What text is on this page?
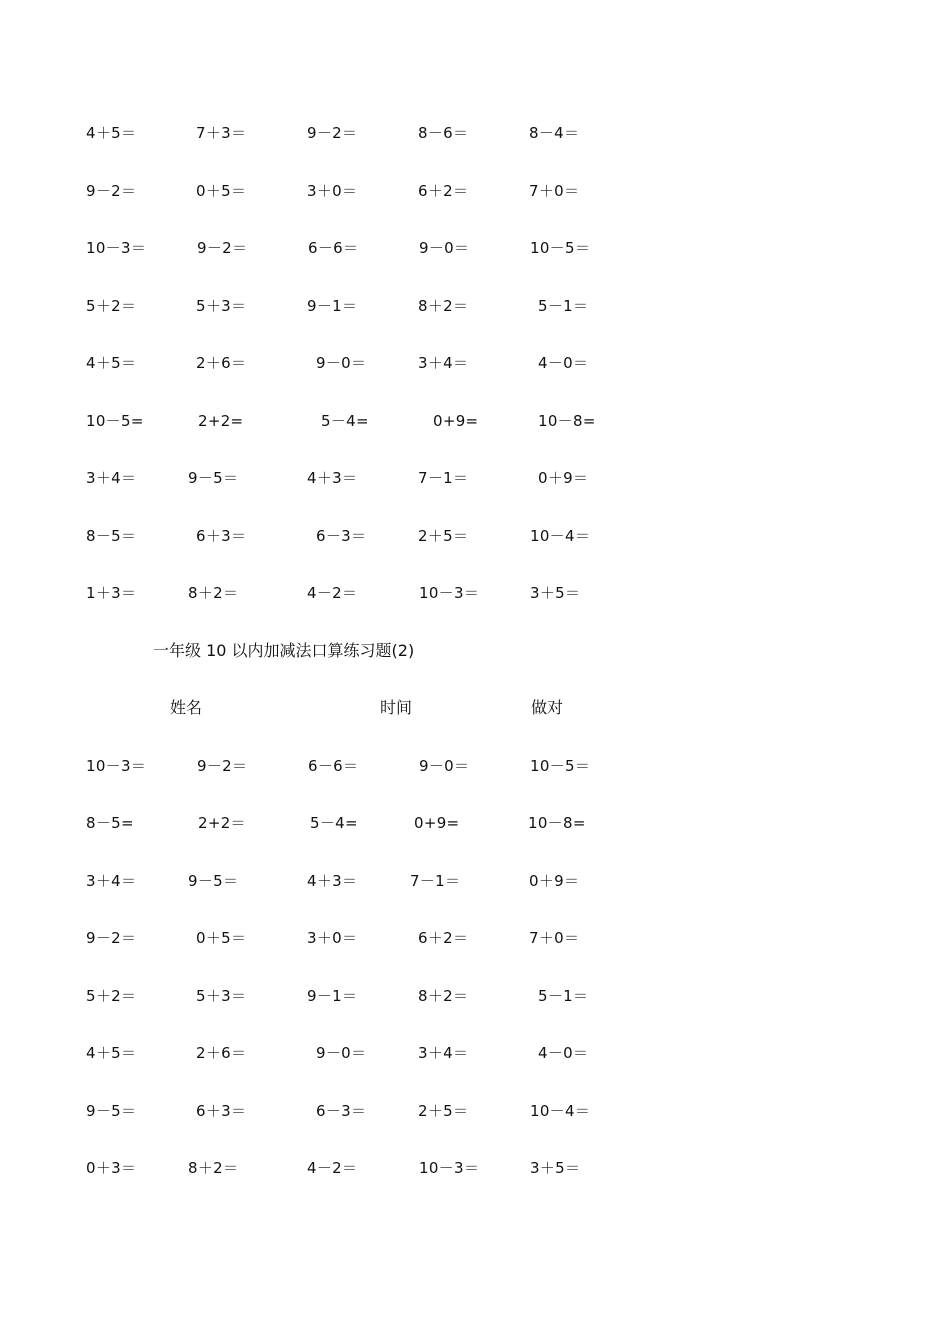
4＋5＝	7＋3＝	9－2＝	8－6＝	8－4＝
9－2＝	0＋5＝	3＋0＝	6＋2＝	7＋0＝
10－3＝	9－2＝	6－6＝	9－0＝	10－5＝
5＋2＝	5＋3＝	9－1＝	8＋2＝	5－1＝
4＋5＝	2＋6＝	9－0＝	3＋4＝	4－0＝
10－5=	2+2=	5－4=	0+9=	10－8=
3＋4＝	9－5＝	4＋3＝	7－1＝	0＋9＝
8－5＝	6＋3＝	6－3＝	2＋5＝	10－4＝
1＋3＝	8＋2＝	4－2＝	10－3＝	3＋5＝
一年级 10 以内加减法口算练习题(2)
姓名	时间	做对
10－3＝	9－2＝	6－6＝	9－0＝	10－5＝
8－5=	2+2＝	5－4=	0+9=	10－8=
3＋4＝	9－5＝	4＋3＝	7－1＝	0＋9＝
9－2＝	0＋5＝	3＋0＝	6＋2＝	7＋0＝
5＋2＝	5＋3＝	9－1＝	8＋2＝	5－1＝
4＋5＝	2＋6＝	9－0＝	3＋4＝	4－0＝
9－5＝	6＋3＝	6－3＝	2＋5＝	10－4＝
0＋3＝	8＋2＝	4－2＝	10－3＝	3＋5＝
